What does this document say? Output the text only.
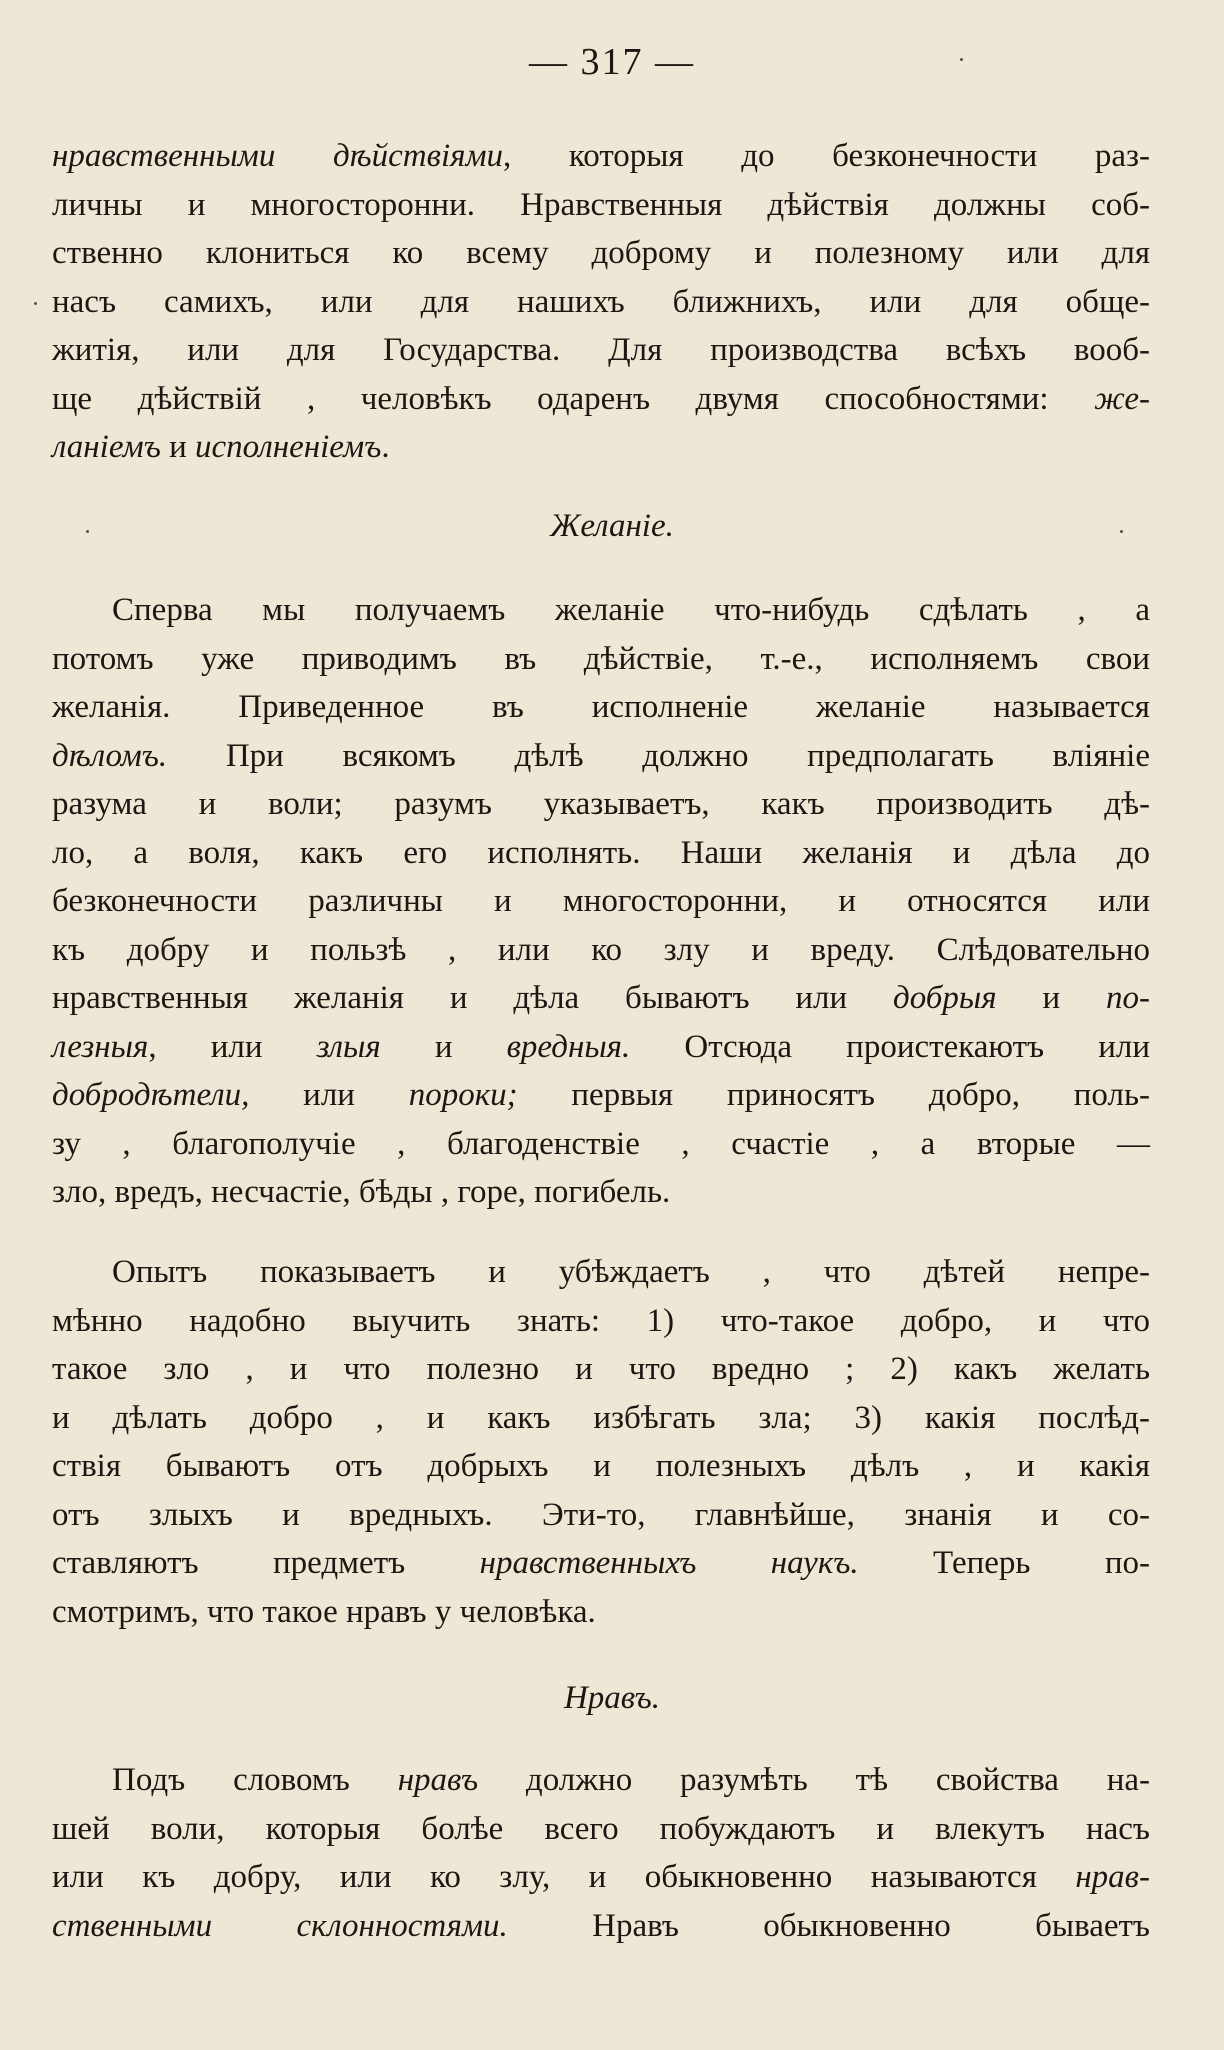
— 317 —
нравственными дѣйствіями, которыя до безконечности раз-
личны и многосторонни. Нравственныя дѣйствія должны соб-
ственно клониться ко всему доброму и полезному или для
насъ самихъ, или для нашихъ ближнихъ, или для обще-
житія, или для Государства. Для производства всѣхъ вооб-
ще дѣйствій , человѣкъ одаренъ двумя способностями: же-
ланіемъ и исполненіемъ.
Желаніе.
Сперва мы получаемъ желаніе что-нибудь сдѣлать , а
потомъ уже приводимъ въ дѣйствіе, т.-е., исполняемъ свои
желанія. Приведенное въ исполненіе желаніе называется
дѣломъ. При всякомъ дѣлѣ должно предполагать вліяніе
разума и воли; разумъ указываетъ, какъ производить дѣ-
ло, а воля, какъ его исполнять. Наши желанія и дѣла до
безконечности различны и многосторонни, и относятся или
къ добру и пользѣ , или ко злу и вреду. Слѣдовательно
нравственныя желанія и дѣла бываютъ или добрыя и по-
лезныя, или злыя и вредныя. Отсюда проистекаютъ или
добродѣтели, или пороки; первыя приносятъ добро, поль-
зу , благополучіе , благоденствіе , счастіе , а вторые —
зло, вредъ, несчастіе, бѣды , горе, погибель.
Опытъ показываетъ и убѣждаетъ , что дѣтей непре-
мѣнно надобно выучить знать: 1) что-такое добро, и что
такое зло , и что полезно и что вредно ; 2) какъ желать
и дѣлать добро , и какъ избѣгать зла; 3) какія послѣд-
ствія бываютъ отъ добрыхъ и полезныхъ дѣлъ , и какія
отъ злыхъ и вредныхъ. Эти-то, главнѣйше, знанія и со-
ставляютъ предметъ нравственныхъ наукъ. Теперь по-
смотримъ, что такое нравъ у человѣка.
Нравъ.
Подъ словомъ нравъ должно разумѣть тѣ свойства на-
шей воли, которыя болѣе всего побуждаютъ и влекутъ насъ
или къ добру, или ко злу, и обыкновенно называются нрав-
ственными склонностями. Нравъ обыкновенно бываетъ
